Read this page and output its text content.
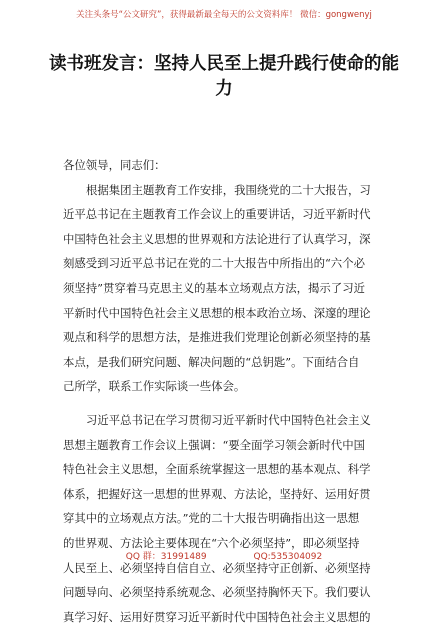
关注头条号“公文研究”，获得最新最全每天的公文资料库！ 微信：gongwenyj
读书班发言：坚持人民至上提升践行使命的能
力
各位领导，同志们：
根据集团主题教育工作安排，我围绕党的二十大报告，习
近平总书记在主题教育工作会议上的重要讲话，习近平新时代
中国特色社会主义思想的世界观和方法论进行了认真学习，深
刻感受到习近平总书记在党的二十大报告中所指出的“六个必
须坚持”贯穿着马克思主义的基本立场观点方法，揭示了习近
平新时代中国特色社会主义思想的根本政治立场、深邃的理论
观点和科学的思想方法，是推进我们党理论创新必须坚持的基
本点，是我们研究问题、解决问题的“总钥匙”。下面结合自
己所学，联系工作实际谈一些体会。
习近平总书记在学习贯彻习近平新时代中国特色社会主义
思想主题教育工作会议上强调：“要全面学习领会新时代中国
特色社会主义思想，全面系统掌握这一思想的基本观点、科学
体系，把握好这一思想的世界观、方法论，坚持好、运用好贯
穿其中的立场观点方法。”党的二十大报告明确指出这一思想
的世界观、方法论主要体现在“六个必须坚持”，即必须坚持
人民至上、必须坚持自信自立、必须坚持守正创新、必须坚持
问题导向、必须坚持系统观念、必须坚持胸怀天下。我们要认
真学习好、运用好贯穿习近平新时代中国特色社会主义思想的
QQ 群：31991489	QQ:535304092
